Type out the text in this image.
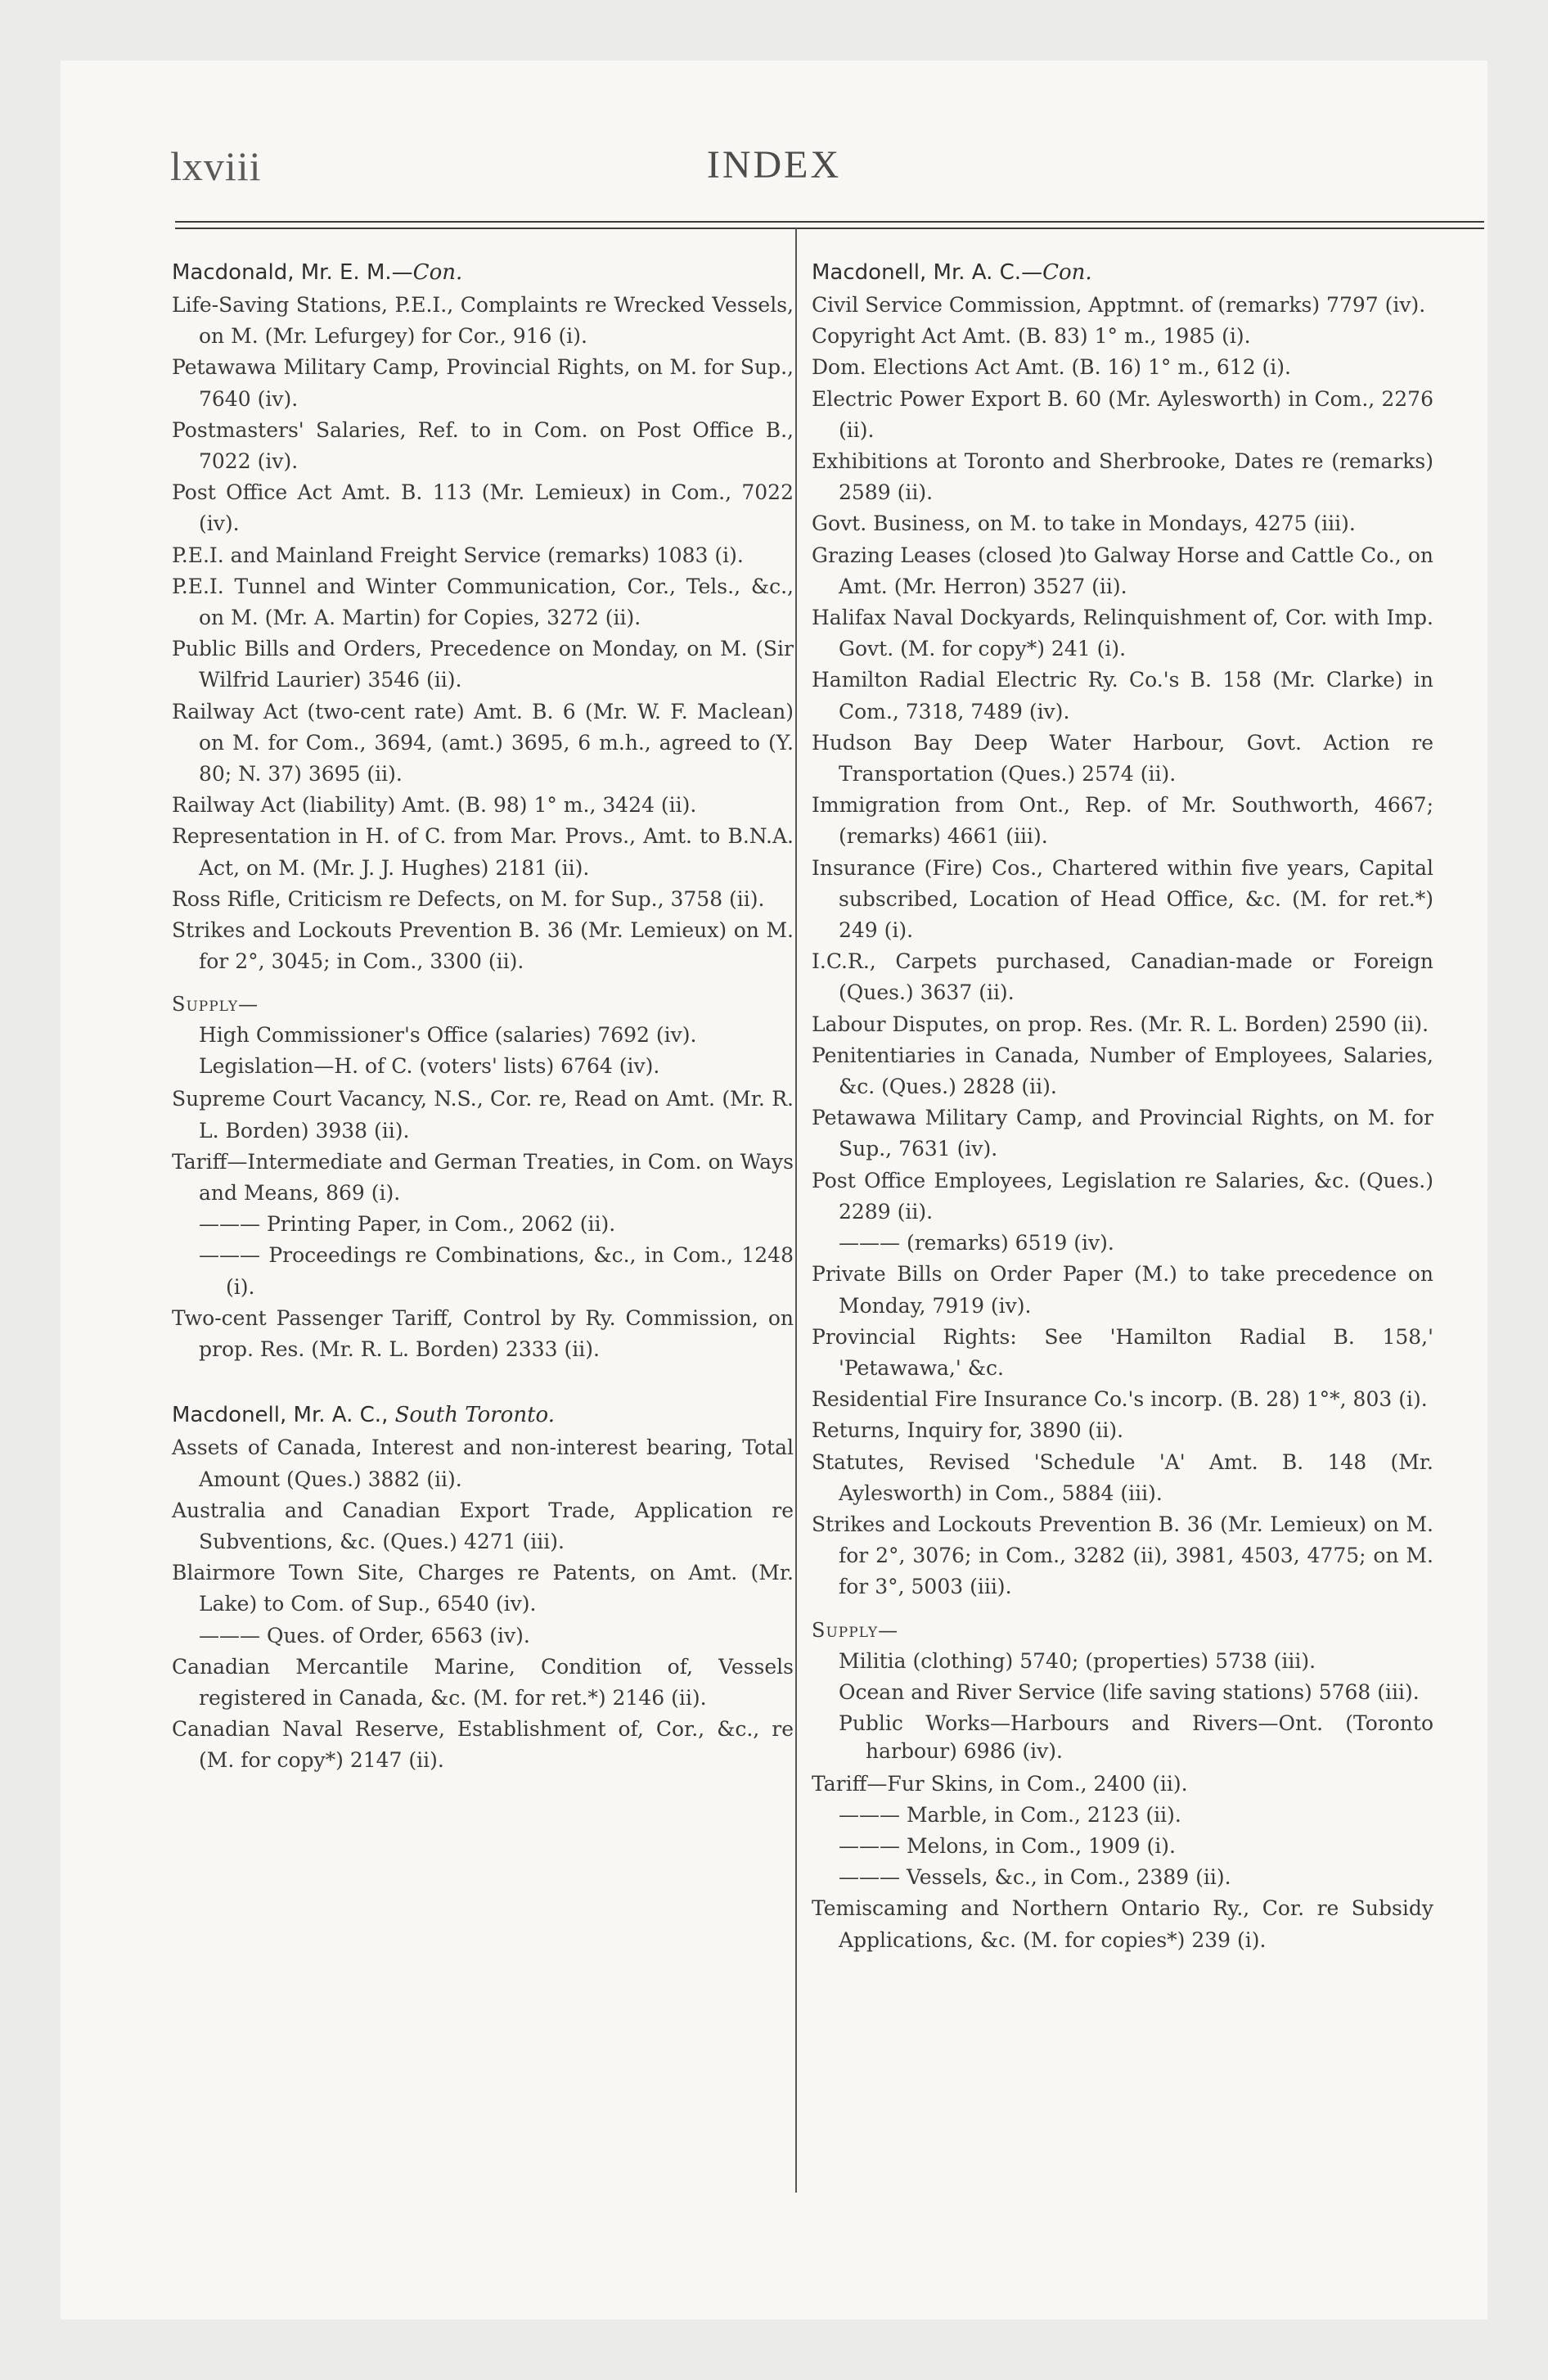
lxviii	INDEX
Macdonald, Mr. E. M.—Con.

Life-Saving Stations, P.E.I., Complaints re Wrecked Vessels, on M. (Mr. Lefurgey) for Cor., 916 (i).

Petawawa Military Camp, Provincial Rights, on M. for Sup., 7640 (iv).

Postmasters' Salaries, Ref. to in Com. on Post Office B., 7022 (iv).

Post Office Act Amt. B. 113 (Mr. Lemieux) in Com., 7022 (iv).

P.E.I. and Mainland Freight Service (remarks) 1083 (i).

P.E.I. Tunnel and Winter Communication, Cor., Tels., &c., on M. (Mr. A. Martin) for Copies, 3272 (ii).

Public Bills and Orders, Precedence on Monday, on M. (Sir Wilfrid Laurier) 3546 (ii).

Railway Act (two-cent rate) Amt. B. 6 (Mr. W. F. Maclean) on M. for Com., 3694, (amt.) 3695, 6 m.h., agreed to (Y. 80; N. 37) 3695 (ii).

Railway Act (liability) Amt. (B. 98) 1° m., 3424 (ii).

Representation in H. of C. from Mar. Provs., Amt. to B.N.A. Act, on M. (Mr. J. J. Hughes) 2181 (ii).

Ross Rifle, Criticism re Defects, on M. for Sup., 3758 (ii).

Strikes and Lockouts Prevention B. 36 (Mr. Lemieux) on M. for 2°, 3045; in Com., 3300 (ii).

Supply—

High Commissioner's Office (salaries) 7692 (iv).

Legislation—H. of C. (voters' lists) 6764 (iv).

Supreme Court Vacancy, N.S., Cor. re, Read on Amt. (Mr. R. L. Borden) 3938 (ii).

Tariff—Intermediate and German Treaties, in Com. on Ways and Means, 869 (i).

——— Printing Paper, in Com., 2062 (ii).

——— Proceedings re Combinations, &c., in Com., 1248 (i).

Two-cent Passenger Tariff, Control by Ry. Commission, on prop. Res. (Mr. R. L. Borden) 2333 (ii).

Macdonell, Mr. A. C., South Toronto.

Assets of Canada, Interest and non-interest bearing, Total Amount (Ques.) 3882 (ii).

Australia and Canadian Export Trade, Application re Subventions, &c. (Ques.) 4271 (iii).

Blairmore Town Site, Charges re Patents, on Amt. (Mr. Lake) to Com. of Sup., 6540 (iv).

——— Ques. of Order, 6563 (iv).

Canadian Mercantile Marine, Condition of, Vessels registered in Canada, &c. (M. for ret.*) 2146 (ii).

Canadian Naval Reserve, Establishment of, Cor., &c., re (M. for copy*) 2147 (ii).

Macdonell, Mr. A. C.—Con.

Civil Service Commission, Apptmnt. of (remarks) 7797 (iv).

Copyright Act Amt. (B. 83) 1° m., 1985 (i).

Dom. Elections Act Amt. (B. 16) 1° m., 612 (i).

Electric Power Export B. 60 (Mr. Aylesworth) in Com., 2276 (ii).

Exhibitions at Toronto and Sherbrooke, Dates re (remarks) 2589 (ii).

Govt. Business, on M. to take in Mondays, 4275 (iii).

Grazing Leases (closed )to Galway Horse and Cattle Co., on Amt. (Mr. Herron) 3527 (ii).

Halifax Naval Dockyards, Relinquishment of, Cor. with Imp. Govt. (M. for copy*) 241 (i).

Hamilton Radial Electric Ry. Co.'s B. 158 (Mr. Clarke) in Com., 7318, 7489 (iv).

Hudson Bay Deep Water Harbour, Govt. Action re Transportation (Ques.) 2574 (ii).

Immigration from Ont., Rep. of Mr. Southworth, 4667; (remarks) 4661 (iii).

Insurance (Fire) Cos., Chartered within five years, Capital subscribed, Location of Head Office, &c. (M. for ret.*) 249 (i).

I.C.R., Carpets purchased, Canadian-made or Foreign (Ques.) 3637 (ii).

Labour Disputes, on prop. Res. (Mr. R. L. Borden) 2590 (ii).

Penitentiaries in Canada, Number of Employees, Salaries, &c. (Ques.) 2828 (ii).

Petawawa Military Camp, and Provincial Rights, on M. for Sup., 7631 (iv).

Post Office Employees, Legislation re Salaries, &c. (Ques.) 2289 (ii).

——— (remarks) 6519 (iv).

Private Bills on Order Paper (M.) to take precedence on Monday, 7919 (iv).

Provincial Rights: See 'Hamilton Radial B. 158,' 'Petawawa,' &c.

Residential Fire Insurance Co.'s incorp. (B. 28) 1°*, 803 (i).

Returns, Inquiry for, 3890 (ii).

Statutes, Revised 'Schedule 'A' Amt. B. 148 (Mr. Aylesworth) in Com., 5884 (iii).

Strikes and Lockouts Prevention B. 36 (Mr. Lemieux) on M. for 2°, 3076; in Com., 3282 (ii), 3981, 4503, 4775; on M. for 3°, 5003 (iii).

Supply—

Militia (clothing) 5740; (properties) 5738 (iii).

Ocean and River Service (life saving stations) 5768 (iii).

Public Works—Harbours and Rivers—Ont. (Toronto harbour) 6986 (iv).

Tariff—Fur Skins, in Com., 2400 (ii).

——— Marble, in Com., 2123 (ii).

——— Melons, in Com., 1909 (i).

——— Vessels, &c., in Com., 2389 (ii).

Temiscaming and Northern Ontario Ry., Cor. re Subsidy Applications, &c. (M. for copies*) 239 (i).
